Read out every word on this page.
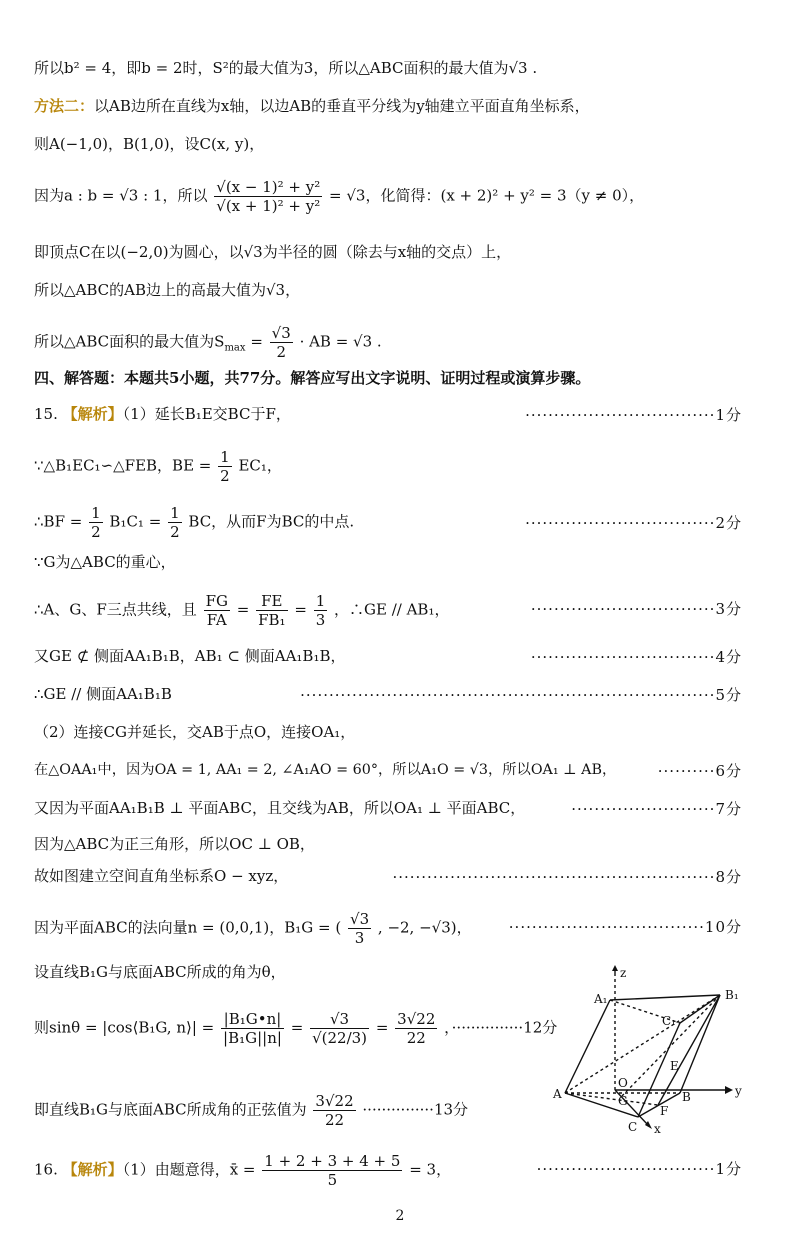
所以b² = 4，即b = 2时，S²的最大值为3，所以△ABC面积的最大值为√3 .
方法二：以AB边所在直线为x轴，以边AB的垂直平分线为y轴建立平面直角坐标系，
则A(−1,0)，B(1,0)，设C(x, y)，
因为a : b = √3 : 1，所以 $\frac{\text{√(x − 1)² + y²}}{\text{√(x + 1)² + y²}} = √3$，化简得：(x + 2)² + y² = 3（y ≠ 0），
即顶点C在以(−2,0)为圆心，以√3为半径的圆（除去与x轴的交点）上，
所以△ABC的AB边上的高最大值为√3，
所以△ABC面积的最大值为$S_{max} = \frac{√3}{2}$ · AB = √3 .
四、解答题：本题共5小题，共77分。解答应写出文字说明、证明过程或演算步骤。
15. 【解析】（1）延长B₁E交BC于F，	·································1分
∵△B₁EC₁∽△FEB，BE = $\frac{1}{2} EC_1$，
∴BF = $\frac{1}{2} B_1C_1 = \frac{1}{2}$ BC，从而F为BC的中点.	·································2分
∵G为△ABC的重心，
∴A、G、F三点共线，且 $\frac{FG}{FA} = \frac{FE}{\text{FB₁}} = \frac{1}{3}$ ，∴GE // AB₁，	································3分
又GE ⊄ 侧面AA₁B₁B，AB₁ ⊂ 侧面AA₁B₁B，	································4分
∴GE // 侧面AA₁B₁B	········································································5分
（2）连接CG并延长，交AB于点O，连接OA₁，
在△OAA₁中，因为OA = 1, AA₁ = 2, ∠A₁AO = 60°，所以A₁O = √3，所以OA₁ ⊥ AB，	··········6分
又因为平面AA₁B₁B ⊥ 平面ABC，且交线为AB，所以OA₁ ⊥ 平面ABC，	·························7分
因为△ABC为正三角形，所以OC ⊥ OB，
故如图建立空间直角坐标系O − xyz，	························································8分
因为平面ABC的法向量n = (0,0,1)，B₁G = ( $\frac{√3}{3}$ , −2, −√3)，	··································10分
设直线B₁G与底面ABC所成的角为θ，
则sinθ = |cos⟨B₁G, n⟩| = $\frac{\text{|B₁G•n|}}{\text{|B₁G||n|}} = \frac{√3}{√(22/3)} = \frac{3√22}{22}$ ，···············12分
即直线B₁G与底面ABC所成角的正弦值为 $\frac{3√22}{22} \cdot\cdot\cdot\cdot\cdot\cdot\cdot\cdot\cdot\cdot\cdot\cdot\cdot\cdot\cdot 13$分
16. 【解析】（1）由题意得，x̄ = $\frac{1 + 2 + 3 + 4 + 5}{5} = 3$，	·······························1分
z
y
x
A₁	B₁
C₁
A	B
C
O
G
E
F
2
